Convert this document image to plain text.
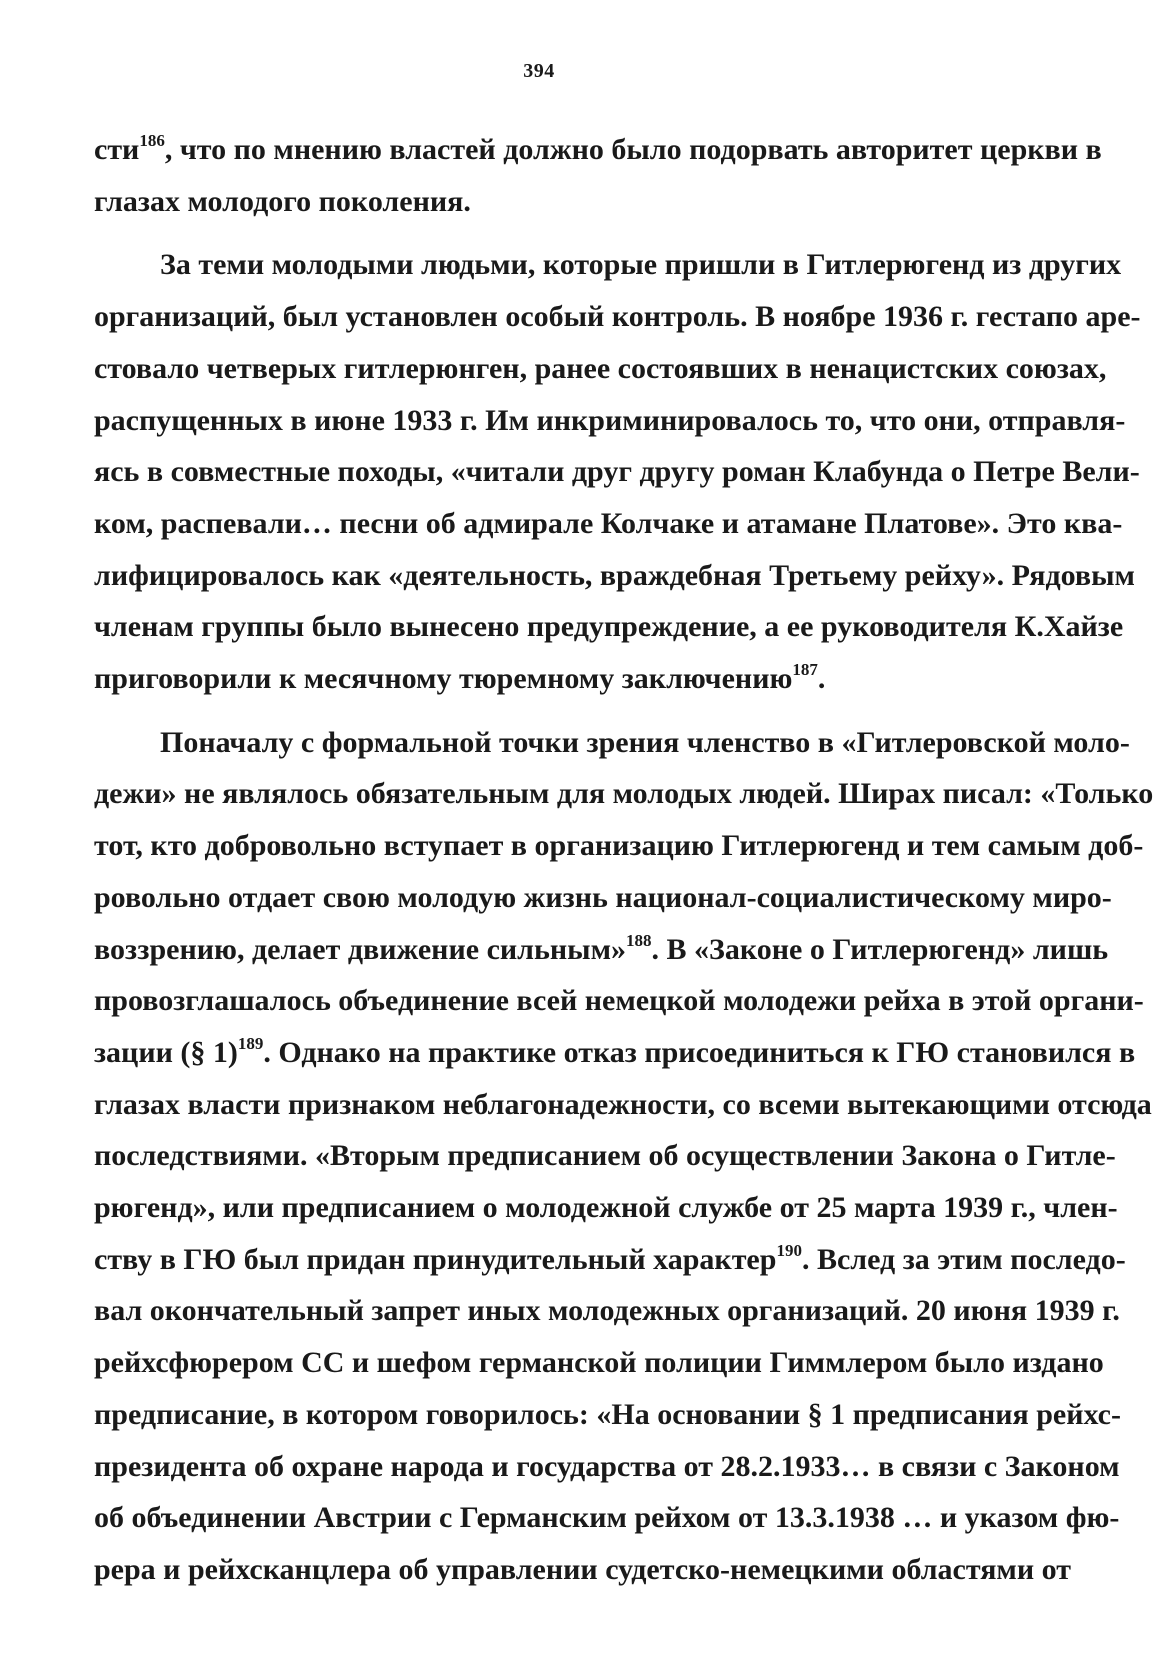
394
сти$^{186}$, что по мнению властей должно было подорвать авторитет церкви в
глазах молодого поколения.
За теми молодыми людьми, которые пришли в Гитлерюгенд из других
организаций, был установлен особый контроль. В ноябре 1936 г. гестапо аре-
стовало четверых гитлерюнген, ранее состоявших в ненацистских союзах,
распущенных в июне 1933 г. Им инкриминировалось то, что они, отправля-
ясь в совместные походы, «читали друг другу роман Клабунда о Петре Вели-
ком, распевали… песни об адмирале Колчаке и атамане Платове». Это ква-
лифицировалось как «деятельность, враждебная Третьему рейху». Рядовым
членам группы было вынесено предупреждение, а ее руководителя К.Хайзе
приговорили к месячному тюремному заключению$^{187}$.
Поначалу с формальной точки зрения членство в «Гитлеровской моло-
дежи» не являлось обязательным для молодых людей. Ширах писал: «Только
тот, кто добровольно вступает в организацию Гитлерюгенд и тем самым доб-
ровольно отдает свою молодую жизнь национал-социалистическому миро-
воззрению, делает движение сильным»$^{188}$. В «Законе о Гитлерюгенд» лишь
провозглашалось объединение всей немецкой молодежи рейха в этой органи-
зации (§ 1)$^{189}$. Однако на практике отказ присоединиться к ГЮ становился в
глазах власти признаком неблагонадежности, со всеми вытекающими отсюда
последствиями. «Вторым предписанием об осуществлении Закона о Гитле-
рюгенд», или предписанием о молодежной службе от 25 марта 1939 г., член-
ству в ГЮ был придан принудительный характер$^{190}$. Вслед за этим последо-
вал окончательный запрет иных молодежных организаций. 20 июня 1939 г.
рейхсфюрером СС и шефом германской полиции Гиммлером было издано
предписание, в котором говорилось: «На основании § 1 предписания рейхс-
президента об охране народа и государства от 28.2.1933… в связи с Законом
об объединении Австрии с Германским рейхом от 13.3.1938 … и указом фю-
рера и рейхсканцлера об управлении судетско-немецкими областями от
